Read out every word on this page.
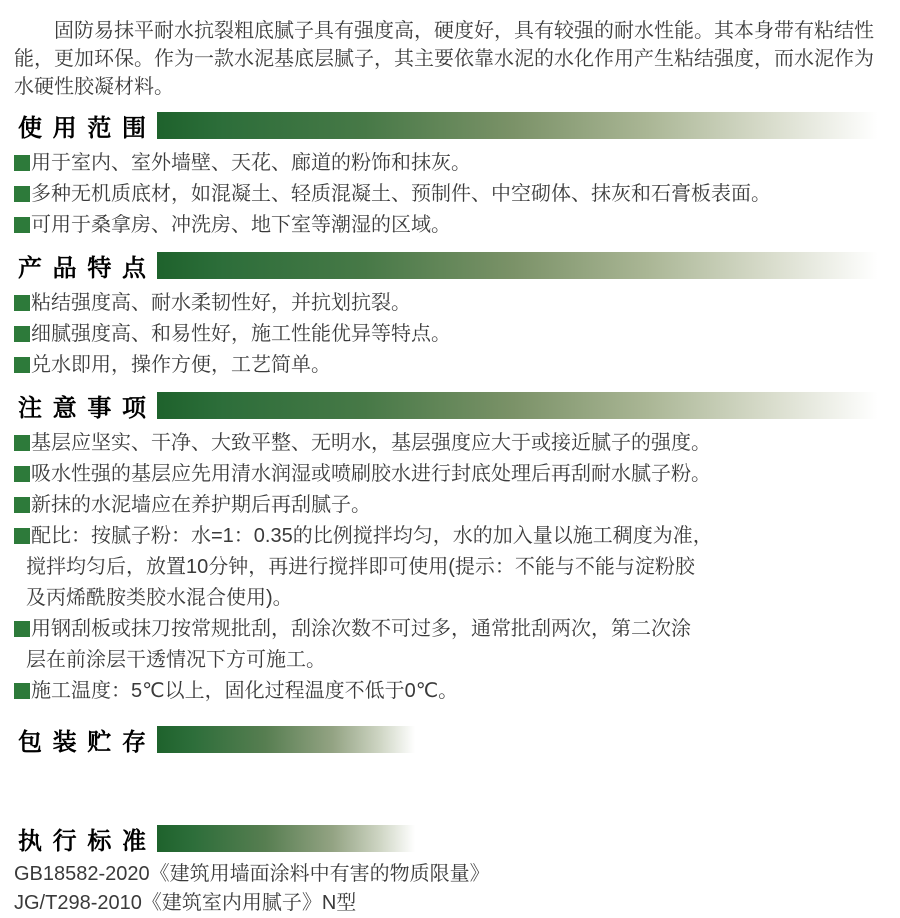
固防易抹平耐水抗裂粗底腻子具有强度高，硬度好，具有较强的耐水性能。其本身带有粘结性能，更加环保。作为一款水泥基底层腻子，其主要依靠水泥的水化作用产生粘结强度，而水泥作为水硬性胶凝材料。

使 用 范 围
用于室内、室外墙壁、天花、廊道的粉饰和抹灰。
多种无机质底材，如混凝土、轻质混凝土、预制件、中空砌体、抹灰和石膏板表面。
可用于桑拿房、冲洗房、地下室等潮湿的区域。
产 品 特 点
粘结强度高、耐水柔韧性好，并抗划抗裂。
细腻强度高、和易性好，施工性能优异等特点。
兑水即用，操作方便，工艺简单。
注 意 事 项
基层应坚实、干净、大致平整、无明水，基层强度应大于或接近腻子的强度。
吸水性强的基层应先用清水润湿或喷刷胶水进行封底处理后再刮耐水腻子粉。
新抹的水泥墙应在养护期后再刮腻子。
配比：按腻子粉：水=1：0.35的比例搅拌均匀，水的加入量以施工稠度为准，
搅拌均匀后，放置10分钟，再进行搅拌即可使用(提示：不能与不能与淀粉胶
及丙烯酰胺类胶水混合使用)。
用钢刮板或抹刀按常规批刮，刮涂次数不可过多，通常批刮两次，第二次涂
层在前涂层干透情况下方可施工。
施工温度：5℃以上，固化过程温度不低于0℃。
包 装 贮 存
执 行 标 准
GB18582-2020《建筑用墙面涂料中有害的物质限量》
JG/T298-2010《建筑室内用腻子》N型
